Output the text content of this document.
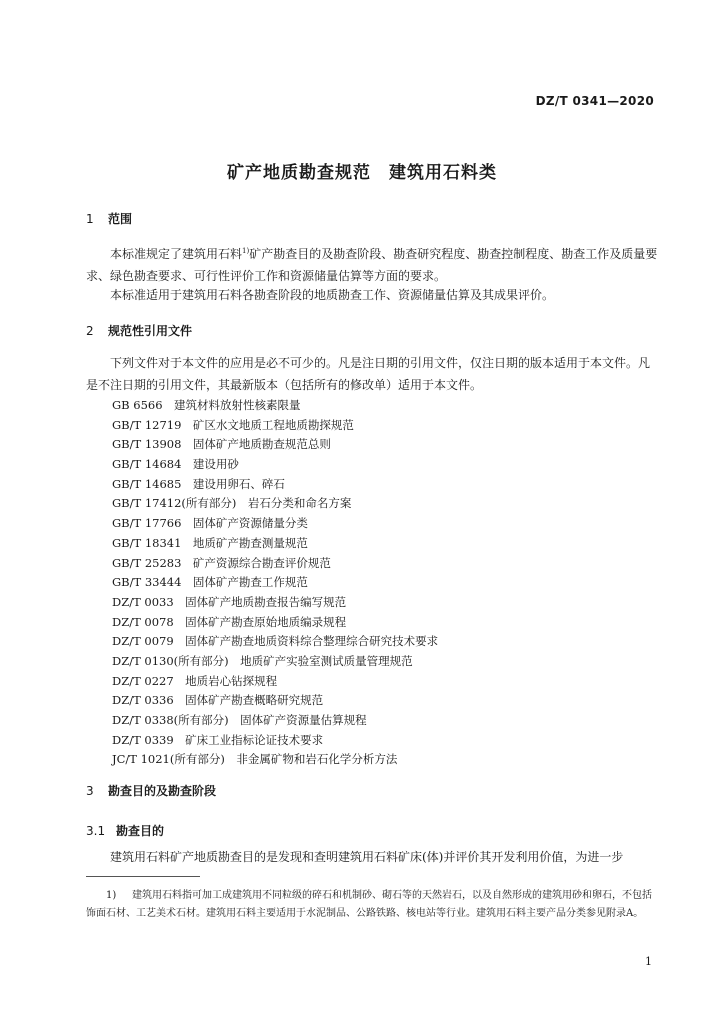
DZ/T 0341—2020
矿产地质勘查规范　建筑用石料类
1 范围
本标准规定了建筑用石料$^{1)}$矿产勘查目的及勘查阶段、勘查研究程度、勘查控制程度、勘查工作及质量要求、绿色勘查要求、可行性评价工作和资源储量估算等方面的要求。
本标准适用于建筑用石料各勘查阶段的地质勘查工作、资源储量估算及其成果评价。
2 规范性引用文件
下列文件对于本文件的应用是必不可少的。凡是注日期的引用文件，仅注日期的版本适用于本文件。凡是不注日期的引用文件，其最新版本（包括所有的修改单）适用于本文件。
GB 6566　建筑材料放射性核素限量
GB/T 12719　矿区水文地质工程地质勘探规范
GB/T 13908　固体矿产地质勘查规范总则
GB/T 14684　建设用砂
GB/T 14685　建设用卵石、碎石
GB/T 17412(所有部分)　岩石分类和命名方案
GB/T 17766　固体矿产资源储量分类
GB/T 18341　地质矿产勘查测量规范
GB/T 25283　矿产资源综合勘查评价规范
GB/T 33444　固体矿产勘查工作规范
DZ/T 0033　固体矿产地质勘查报告编写规范
DZ/T 0078　固体矿产勘查原始地质编录规程
DZ/T 0079　固体矿产勘查地质资料综合整理综合研究技术要求
DZ/T 0130(所有部分)　地质矿产实验室测试质量管理规范
DZ/T 0227　地质岩心钻探规程
DZ/T 0336　固体矿产勘查概略研究规范
DZ/T 0338(所有部分)　固体矿产资源量估算规程
DZ/T 0339　矿床工业指标论证技术要求
JC/T 1021(所有部分)　非金属矿物和岩石化学分析方法
3 勘查目的及勘查阶段
3.1 勘查目的
建筑用石料矿产地质勘查目的是发现和查明建筑用石料矿床(体)并评价其开发利用价值，为进一步
1) 建筑用石料指可加工成建筑用不同粒级的碎石和机制砂、砌石等的天然岩石，以及自然形成的建筑用砂和卵石，不包括饰面石材、工艺美术石材。建筑用石料主要适用于水泥制品、公路铁路、核电站等行业。建筑用石料主要产品分类参见附录A。
1
